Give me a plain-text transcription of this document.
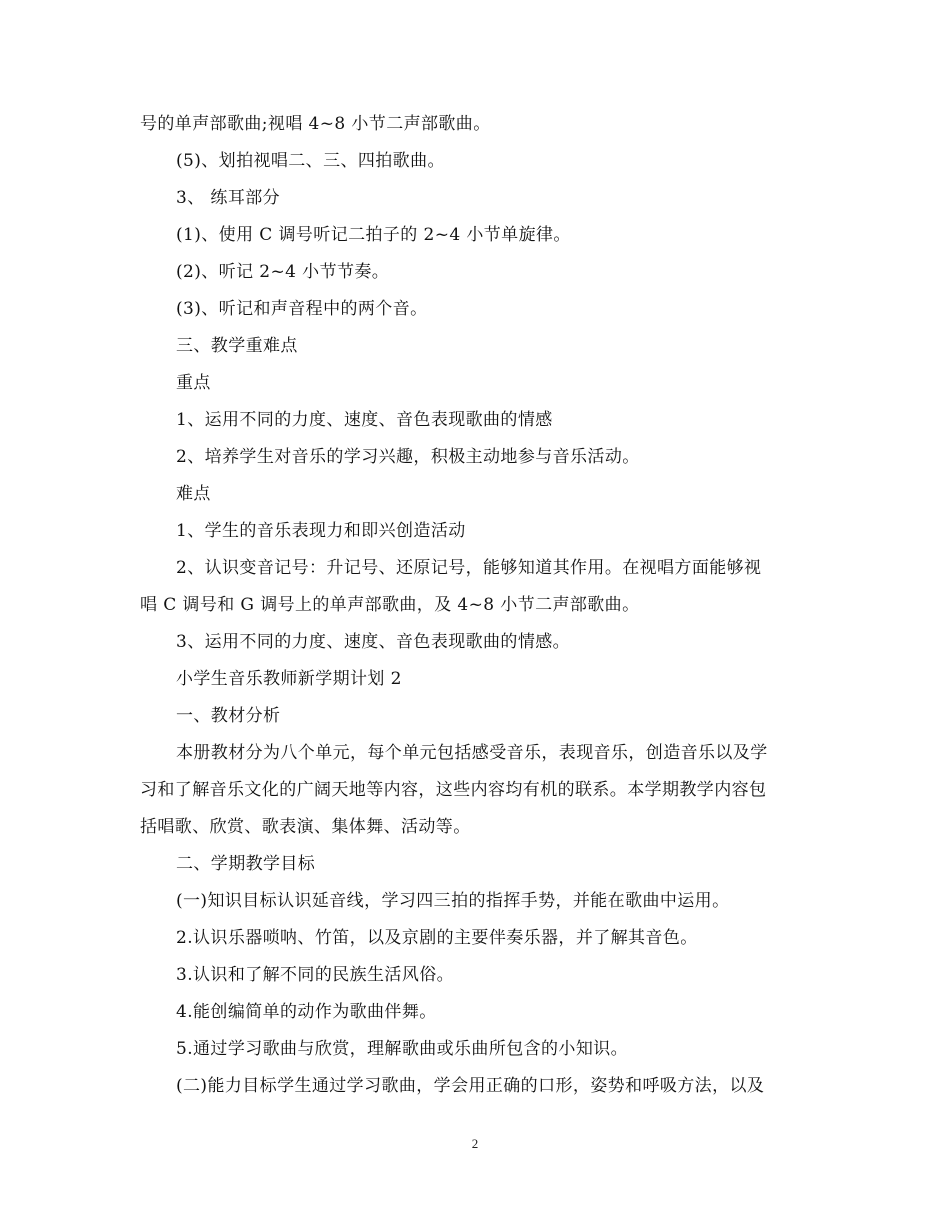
号的单声部歌曲;视唱 4~8 小节二声部歌曲。
(5)、划拍视唱二、三、四拍歌曲。
3、 练耳部分
(1)、使用 C 调号听记二拍子的 2~4 小节单旋律。
(2)、听记 2~4 小节节奏。
(3)、听记和声音程中的两个音。
三、教学重难点
重点
1、运用不同的力度、速度、音色表现歌曲的情感
2、培养学生对音乐的学习兴趣，积极主动地参与音乐活动。
难点
1、学生的音乐表现力和即兴创造活动
2、认识变音记号：升记号、还原记号，能够知道其作用。在视唱方面能够视
唱 C 调号和 G 调号上的单声部歌曲，及 4~8 小节二声部歌曲。
3、运用不同的力度、速度、音色表现歌曲的情感。
小学生音乐教师新学期计划 2
一、教材分析
本册教材分为八个单元，每个单元包括感受音乐，表现音乐，创造音乐以及学
习和了解音乐文化的广阔天地等内容，这些内容均有机的联系。本学期教学内容包
括唱歌、欣赏、歌表演、集体舞、活动等。
二、学期教学目标
(一)知识目标认识延音线，学习四三拍的指挥手势，并能在歌曲中运用。
2.认识乐器唢呐、竹笛，以及京剧的主要伴奏乐器，并了解其音色。
3.认识和了解不同的民族生活风俗。
4.能创编简单的动作为歌曲伴舞。
5.通过学习歌曲与欣赏，理解歌曲或乐曲所包含的小知识。
(二)能力目标学生通过学习歌曲，学会用正确的口形，姿势和呼吸方法，以及
2
